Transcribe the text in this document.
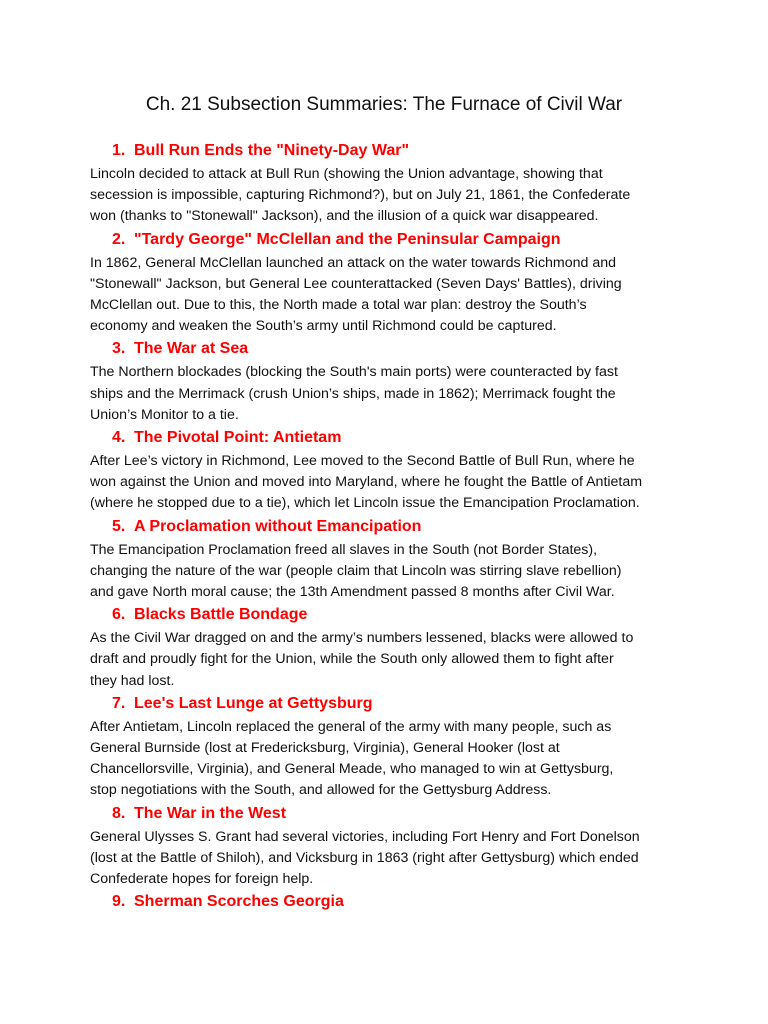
Ch. 21 Subsection Summaries: The Furnace of Civil War
1. Bull Run Ends the "Ninety-Day War"

Lincoln decided to attack at Bull Run (showing the Union advantage, showing that
secession is impossible, capturing Richmond?), but on July 21, 1861, the Confederate
won (thanks to "Stonewall" Jackson), and the illusion of a quick war disappeared.

2. "Tardy George" McClellan and the Peninsular Campaign

In 1862, General McClellan launched an attack on the water towards Richmond and
"Stonewall" Jackson, but General Lee counterattacked (Seven Days' Battles), driving
McClellan out. Due to this, the North made a total war plan: destroy the South’s
economy and weaken the South’s army until Richmond could be captured.

3. The War at Sea

The Northern blockades (blocking the South's main ports) were counteracted by fast
ships and the Merrimack (crush Union’s ships, made in 1862); Merrimack fought the
Union’s Monitor to a tie.

4. The Pivotal Point: Antietam

After Lee’s victory in Richmond, Lee moved to the Second Battle of Bull Run, where he
won against the Union and moved into Maryland, where he fought the Battle of Antietam
(where he stopped due to a tie), which let Lincoln issue the Emancipation Proclamation.

5. A Proclamation without Emancipation

The Emancipation Proclamation freed all slaves in the South (not Border States),
changing the nature of the war (people claim that Lincoln was stirring slave rebellion)
and gave North moral cause; the 13th Amendment passed 8 months after Civil War.

6. Blacks Battle Bondage

As the Civil War dragged on and the army’s numbers lessened, blacks were allowed to
draft and proudly fight for the Union, while the South only allowed them to fight after
they had lost.

7. Lee's Last Lunge at Gettysburg

After Antietam, Lincoln replaced the general of the army with many people, such as
General Burnside (lost at Fredericksburg, Virginia), General Hooker (lost at
Chancellorsville, Virginia), and General Meade, who managed to win at Gettysburg,
stop negotiations with the South, and allowed for the Gettysburg Address.

8. The War in the West

General Ulysses S. Grant had several victories, including Fort Henry and Fort Donelson
(lost at the Battle of Shiloh), and Vicksburg in 1863 (right after Gettysburg) which ended
Confederate hopes for foreign help.

9. Sherman Scorches Georgia
